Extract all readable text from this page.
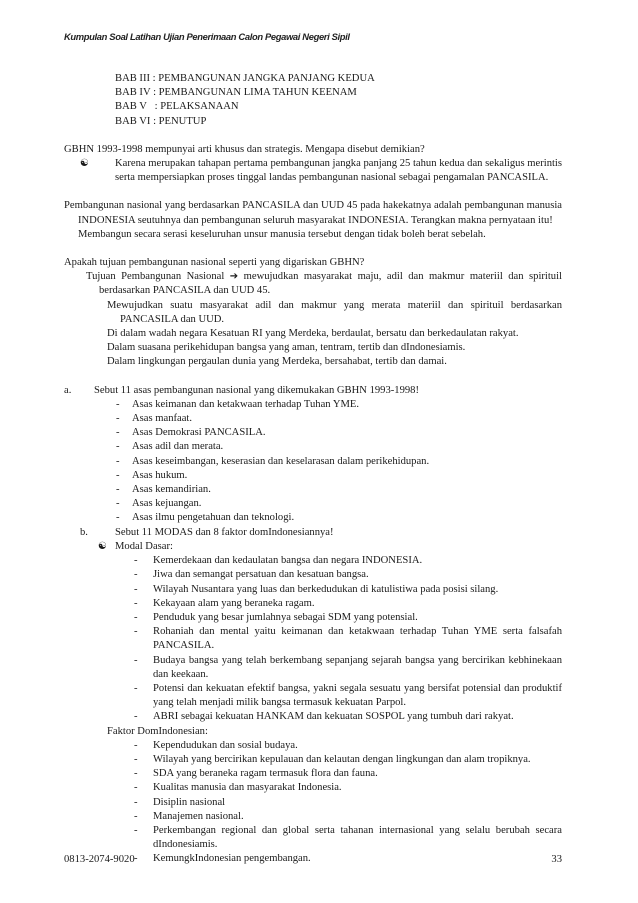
Kumpulan Soal Latihan Ujian Penerimaan Calon Pegawai Negeri Sipil
BAB III : PEMBANGUNAN JANGKA PANJANG KEDUA
BAB IV : PEMBANGUNAN LIMA TAHUN KEENAM
BAB V   : PELAKSANAAN
BAB VI : PENUTUP
GBHN 1993-1998 mempunyai arti khusus dan strategis. Mengapa disebut demikian?
☯ Karena merupakan tahapan pertama pembangunan jangka panjang 25 tahun kedua dan sekaligus merintis serta mempersiapkan proses tinggal landas pembangunan nasional sebagai pengamalan PANCASILA.
Pembangunan nasional yang berdasarkan PANCASILA dan UUD 45 pada hakekatnya adalah pembangunan manusia INDONESIA seutuhnya dan pembangunan seluruh masyarakat INDONESIA. Terangkan makna pernyataan itu!
Membangun secara serasi keseluruhan unsur manusia tersebut dengan tidak boleh berat sebelah.
Apakah tujuan pembangunan nasional seperti yang digariskan GBHN?
Tujuan Pembangunan Nasional ➔ mewujudkan masyarakat maju, adil dan makmur materiil dan spirituil berdasarkan PANCASILA dan UUD 45.
Mewujudkan suatu masyarakat adil dan makmur yang merata materiil dan spirituil berdasarkan PANCASILA dan UUD.
Di dalam wadah negara Kesatuan RI yang Merdeka, berdaulat, bersatu dan berkedaulatan rakyat.
Dalam suasana perikehidupan bangsa yang aman, tentram, tertib dan dIndonesiamis.
Dalam lingkungan pergaulan dunia yang Merdeka, bersahabat, tertib dan damai.
a. Sebut 11 asas pembangunan nasional yang dikemukakan GBHN 1993-1998!
- Asas keimanan dan ketakwaan terhadap Tuhan YME.
- Asas manfaat.
- Asas Demokrasi PANCASILA.
- Asas adil dan merata.
- Asas keseimbangan, keserasian dan keselarasan dalam perikehidupan.
- Asas hukum.
- Asas kemandirian.
- Asas kejuangan.
- Asas ilmu pengetahuan dan teknologi.
b.	Sebut 11 MODAS dan 8 faktor domIndonesiannya!
☯ Modal Dasar:
- Kemerdekaan dan kedaulatan bangsa dan negara INDONESIA.
- Jiwa dan semangat persatuan dan kesatuan bangsa.
- Wilayah Nusantara yang luas dan berkedudukan di katulistiwa pada posisi silang.
- Kekayaan alam yang beraneka ragam.
- Penduduk yang besar jumlahnya sebagai SDM yang potensial.
- Rohaniah dan mental yaitu keimanan dan ketakwaan terhadap Tuhan YME serta falsafah PANCASILA.
- Budaya bangsa yang telah berkembang sepanjang sejarah bangsa yang bercirikan kebhinekaan dan keekaan.
- Potensi dan kekuatan efektif bangsa, yakni segala sesuatu yang bersifat potensial dan produktif yang telah menjadi milik bangsa termasuk kekuatan Parpol.
- ABRI sebagai kekuatan HANKAM dan kekuatan SOSPOL yang tumbuh dari rakyat.
Faktor DomIndonesian:
- Kependudukan dan sosial budaya.
- Wilayah yang bercirikan kepulauan dan kelautan dengan lingkungan dan alam tropiknya.
- SDA yang beraneka ragam termasuk flora dan fauna.
- Kualitas manusia dan masyarakat Indonesia.
- Disiplin nasional
- Manajemen nasional.
- Perkembangan regional dan global serta tahanan internasional yang selalu berubah secara dIndonesiamis.
- KemungkIndonesian pengembangan.
0813-2074-9020	33
